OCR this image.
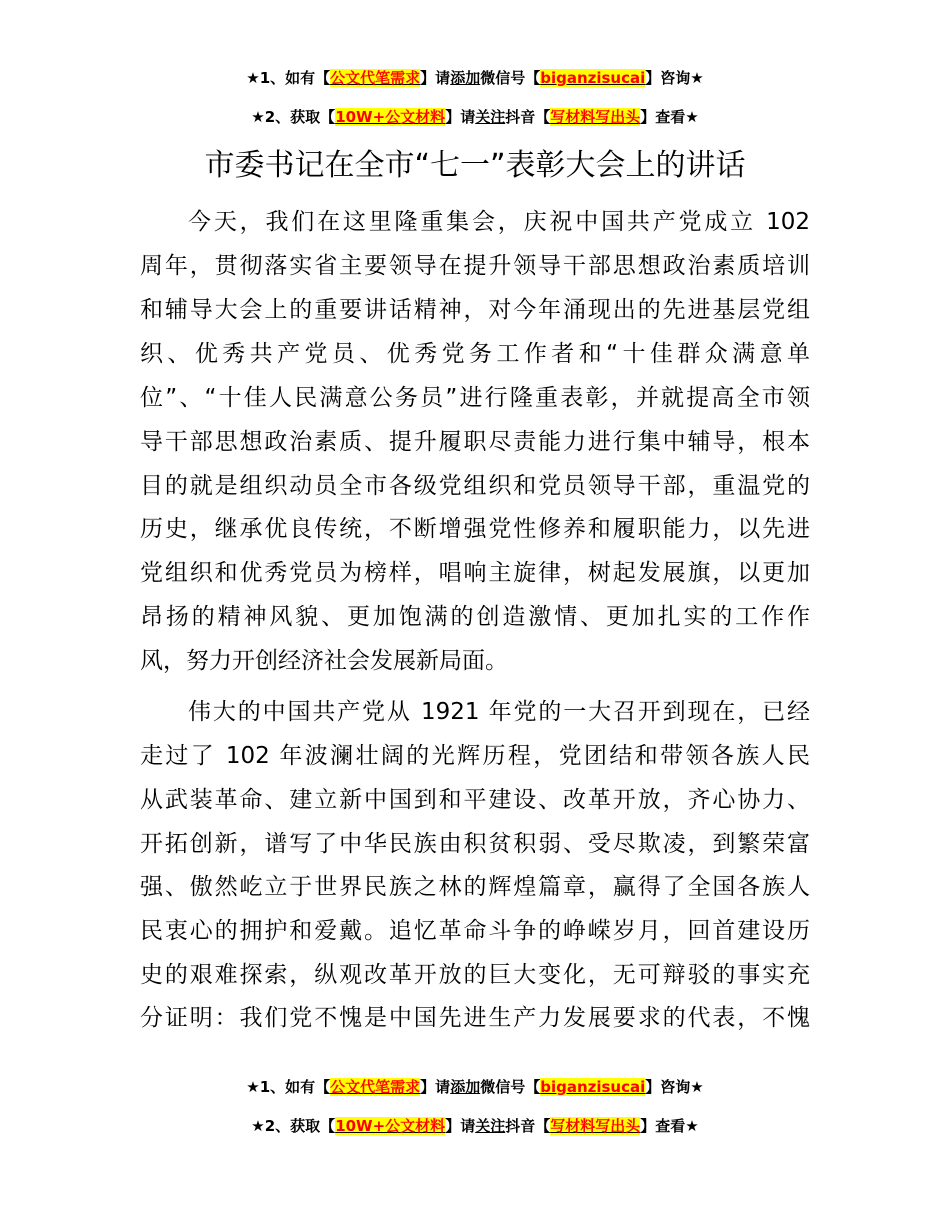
★1、如有【公文代笔需求】请添加微信号【biganzisucai】咨询★
★2、获取【10W+公文材料】请关注抖音【写材料写出头】查看★
市委书记在全市“七一”表彰大会上的讲话
今天，我们在这里隆重集会，庆祝中国共产党成立 102
周年，贯彻落实省主要领导在提升领导干部思想政治素质培训
和辅导大会上的重要讲话精神，对今年涌现出的先进基层党组
织、优秀共产党员、优秀党务工作者和“十佳群众满意单
位”、“十佳人民满意公务员”进行隆重表彰，并就提高全市领
导干部思想政治素质、提升履职尽责能力进行集中辅导，根本
目的就是组织动员全市各级党组织和党员领导干部，重温党的
历史，继承优良传统，不断增强党性修养和履职能力，以先进
党组织和优秀党员为榜样，唱响主旋律，树起发展旗，以更加
昂扬的精神风貌、更加饱满的创造激情、更加扎实的工作作
风，努力开创经济社会发展新局面。
伟大的中国共产党从 1921 年党的一大召开到现在，已经
走过了 102 年波澜壮阔的光辉历程，党团结和带领各族人民
从武装革命、建立新中国到和平建设、改革开放，齐心协力、
开拓创新，谱写了中华民族由积贫积弱、受尽欺凌，到繁荣富
强、傲然屹立于世界民族之林的辉煌篇章，赢得了全国各族人
民衷心的拥护和爱戴。追忆革命斗争的峥嵘岁月，回首建设历
史的艰难探索，纵观改革开放的巨大变化，无可辩驳的事实充
分证明：我们党不愧是中国先进生产力发展要求的代表，不愧
★1、如有【公文代笔需求】请添加微信号【biganzisucai】咨询★
★2、获取【10W+公文材料】请关注抖音【写材料写出头】查看★
